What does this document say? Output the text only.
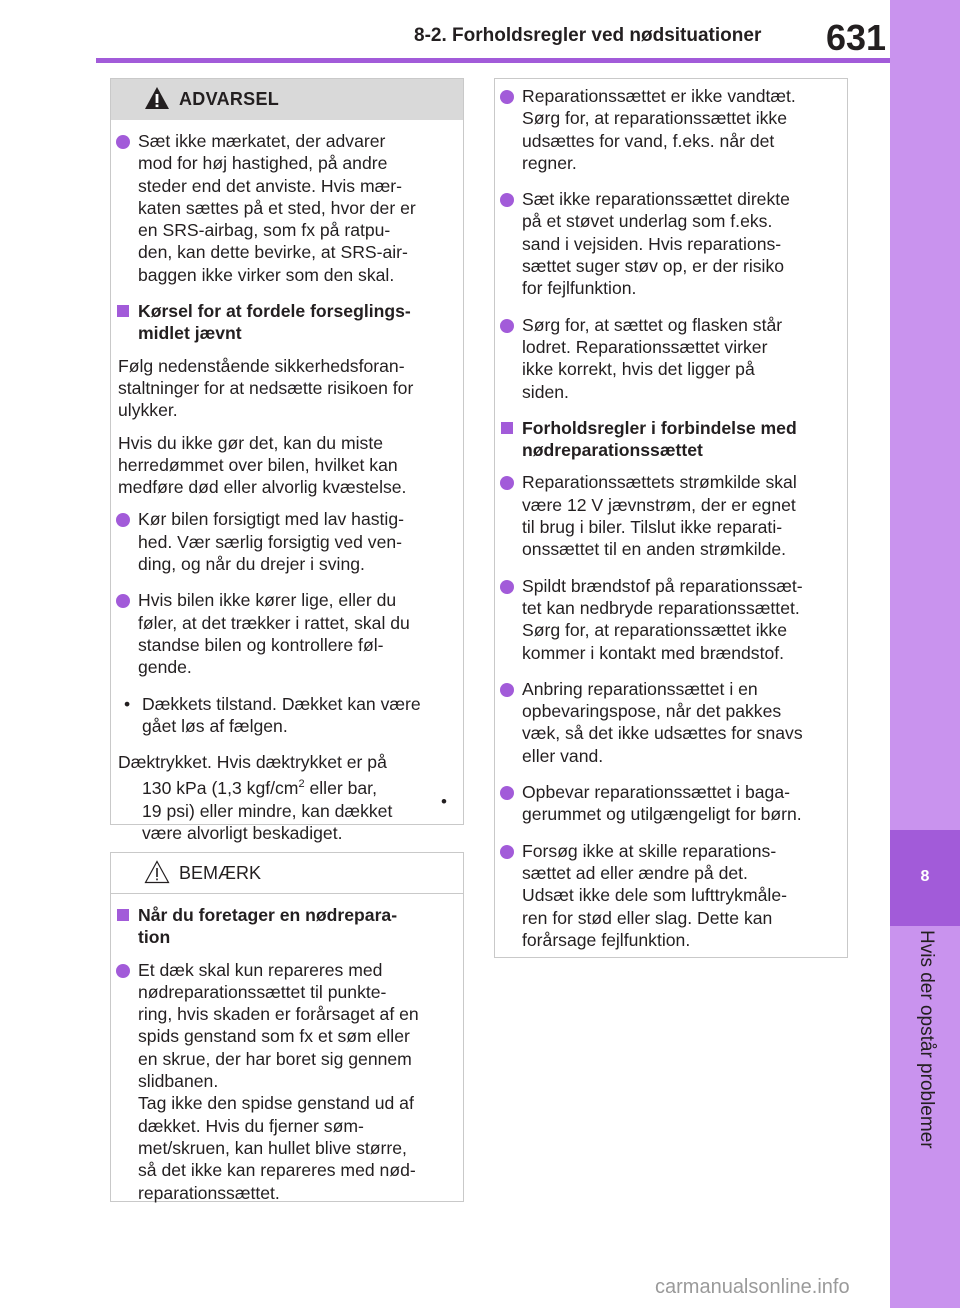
8-2. Forholdsregler ved nødsituationer 631
8
Hvis der opstår problemer
ADVARSEL
Sæt ikke mærkatet, der advarer
mod for høj hastighed, på andre
steder end det anviste. Hvis mær-
katen sættes på et sted, hvor der er
en SRS-airbag, som fx på ratpu-
den, kan dette bevirke, at SRS-air-
baggen ikke virker som den skal.
Kørsel for at fordele forseglings-
midlet jævnt
Følg nedenstående sikkerhedsforan-
staltninger for at nedsætte risikoen for
ulykker.
Hvis du ikke gør det, kan du miste
herredømmet over bilen, hvilket kan
medføre død eller alvorlig kvæstelse.
Kør bilen forsigtigt med lav hastig-
hed. Vær særlig forsigtig ved ven-
ding, og når du drejer i sving.
Hvis bilen ikke kører lige, eller du
føler, at det trækker i rattet, skal du
standse bilen og kontrollere føl-
gende.
• Dækkets tilstand. Dækket kan være
gået løs af fælgen.
Dæktrykket. Hvis dæktrykket er på
130 kPa (1,3 kgf/$cm^2$ eller bar,
19 psi) eller mindre, kan dækket
være alvorligt beskadiget.
•
BEMÆRK
Når du foretager en nødrepara-
tion
Et dæk skal kun repareres med
nødreparationssættet til punkte-
ring, hvis skaden er forårsaget af en
spids genstand som fx et søm eller
en skrue, der har boret sig gennem
slidbanen.
Tag ikke den spidse genstand ud af
dækket. Hvis du fjerner søm-
met/skruen, kan hullet blive større,
så det ikke kan repareres med nød-
reparationssættet.
Reparationssættet er ikke vandtæt.
Sørg for, at reparationssættet ikke
udsættes for vand, f.eks. når det
regner.
Sæt ikke reparationssættet direkte
på et støvet underlag som f.eks.
sand i vejsiden. Hvis reparations-
sættet suger støv op, er der risiko
for fejlfunktion.
Sørg for, at sættet og flasken står
lodret. Reparationssættet virker
ikke korrekt, hvis det ligger på
siden.
Forholdsregler i forbindelse med
nødreparationssættet
Reparationssættets strømkilde skal
være 12 V jævnstrøm, der er egnet
til brug i biler. Tilslut ikke reparati-
onssættet til en anden strømkilde.
Spildt brændstof på reparationssæt-
tet kan nedbryde reparationssættet.
Sørg for, at reparationssættet ikke
kommer i kontakt med brændstof.
Anbring reparationssættet i en
opbevaringspose, når det pakkes
væk, så det ikke udsættes for snavs
eller vand.
Opbevar reparationssættet i baga-
gerummet og utilgængeligt for børn.
Forsøg ikke at skille reparations-
sættet ad eller ændre på det.
Udsæt ikke dele som lufttrykmåle-
ren for stød eller slag. Dette kan
forårsage fejlfunktion.
carmanualsonline.info
